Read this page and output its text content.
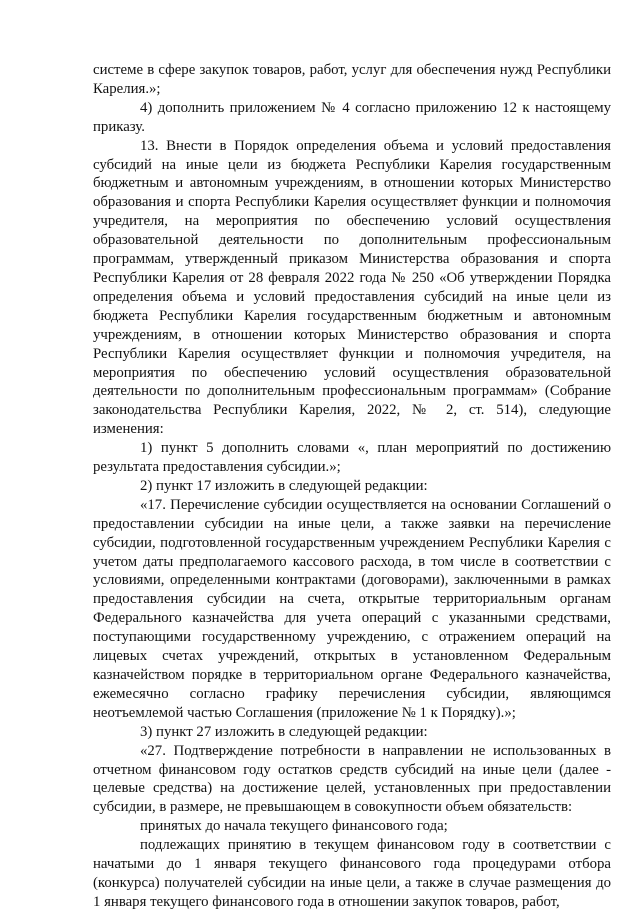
системе в сфере закупок товаров, работ, услуг для обеспечения нужд Республики Карелия.»;

4) дополнить приложением № 4 согласно приложению 12 к настоящему приказу.

13. Внести в Порядок определения объема и условий предоставления субсидий на иные цели из бюджета Республики Карелия государственным бюджетным и автономным учреждениям, в отношении которых Министерство образования и спорта Республики Карелия осуществляет функции и полномочия учредителя, на мероприятия по обеспечению условий осуществления образовательной деятельности по дополнительным профессиональным программам, утвержденный приказом Министерства образования и спорта Республики Карелия от 28 февраля 2022 года № 250 «Об утверждении Порядка определения объема и условий предоставления субсидий на иные цели из бюджета Республики Карелия государственным бюджетным и автономным учреждениям, в отношении которых Министерство образования и спорта Республики Карелия осуществляет функции и полномочия учредителя, на мероприятия по обеспечению условий осуществления образовательной деятельности по дополнительным профессиональным программам» (Собрание законодательства Республики Карелия, 2022, № 2, ст. 514), следующие изменения:

1) пункт 5 дополнить словами «, план мероприятий по достижению результата предоставления субсидии.»;

2) пункт 17 изложить в следующей редакции:

«17. Перечисление субсидии осуществляется на основании Соглашений о предоставлении субсидии на иные цели, а также заявки на перечисление субсидии, подготовленной государственным учреждением Республики Карелия с учетом даты предполагаемого кассового расхода, в том числе в соответствии с условиями, определенными контрактами (договорами), заключенными в рамках предоставления субсидии на счета, открытые территориальным органам Федерального казначейства для учета операций с указанными средствами, поступающими государственному учреждению, с отражением операций на лицевых счетах учреждений, открытых в установленном Федеральным казначейством порядке в территориальном органе Федерального казначейства, ежемесячно согласно графику перечисления субсидии, являющимся неотъемлемой частью Соглашения (приложение № 1 к Порядку).»;

3) пункт 27 изложить в следующей редакции:

«27. Подтверждение потребности в направлении не использованных в отчетном финансовом году остатков средств субсидий на иные цели (далее - целевые средства) на достижение целей, установленных при предоставлении субсидии, в размере, не превышающем в совокупности объем обязательств:

принятых до начала текущего финансового года;

подлежащих принятию в текущем финансовом году в соответствии с начатыми до 1 января текущего финансового года процедурами отбора (конкурса) получателей субсидии на иные цели, а также в случае размещения до 1 января текущего финансового года в отношении закупок товаров, работ,
